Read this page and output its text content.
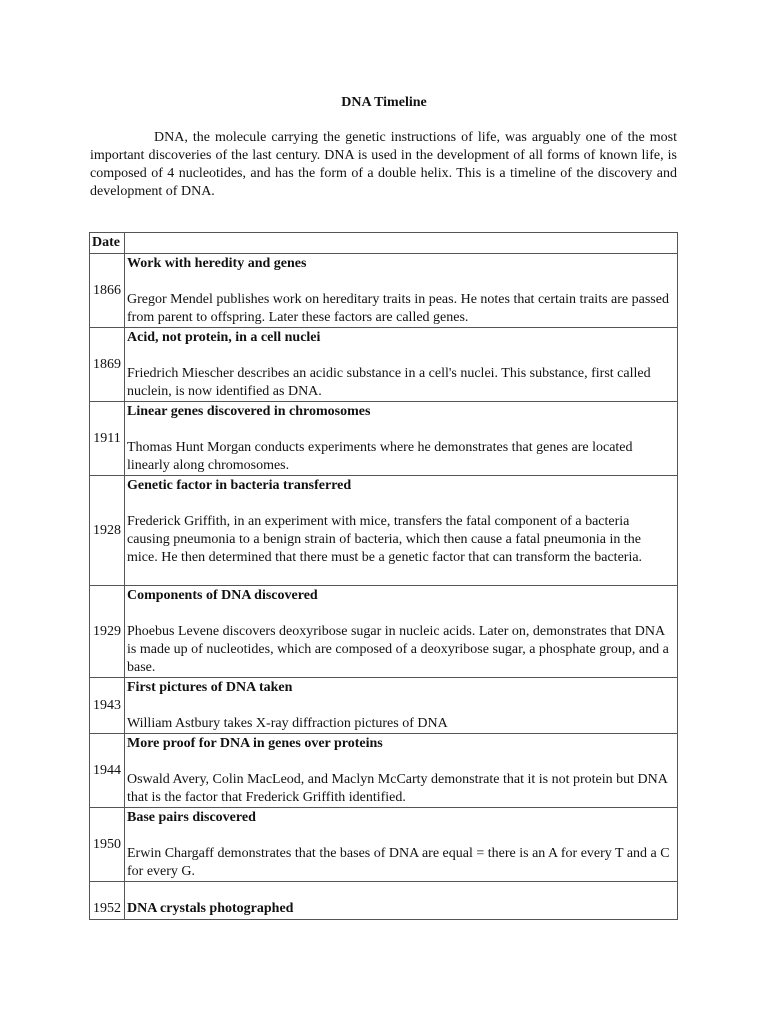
DNA Timeline

DNA, the molecule carrying the genetic instructions of life, was arguably one of the most important discoveries of the last century. DNA is used in the development of all forms of known life, is composed of 4 nucleotides, and has the form of a double helix. This is a timeline of the discovery and development of DNA.

Date	
1866	Work with heredity and genes
Gregor Mendel publishes work on hereditary traits in peas. He notes that certain traits are passed from parent to offspring. Later these factors are called genes.

1869	Acid, not protein, in a cell nuclei
Friedrich Miescher describes an acidic substance in a cell's nuclei. This substance, first called nuclein, is now identified as DNA.

1911	Linear genes discovered in chromosomes
Thomas Hunt Morgan conducts experiments where he demonstrates that genes are located linearly along chromosomes.

1928	Genetic factor in bacteria transferred
Frederick Griffith, in an experiment with mice, transfers the fatal component of a bacteria causing pneumonia to a benign strain of bacteria, which then cause a fatal pneumonia in the mice. He then determined that there must be a genetic factor that can transform the bacteria.

1929	Components of DNA discovered
Phoebus Levene discovers deoxyribose sugar in nucleic acids. Later on, demonstrates that DNA is made up of nucleotides, which are composed of a deoxyribose sugar, a phosphate group, and a base.

1943	First pictures of DNA taken
William Astbury takes X-ray diffraction pictures of DNA

1944	More proof for DNA in genes over proteins
Oswald Avery, Colin MacLeod, and Maclyn McCarty demonstrate that it is not protein but DNA that is the factor that Frederick Griffith identified.

1950	Base pairs discovered
Erwin Chargaff demonstrates that the bases of DNA are equal = there is an A for every T and a C for every G.

1952	DNA crystals photographed
